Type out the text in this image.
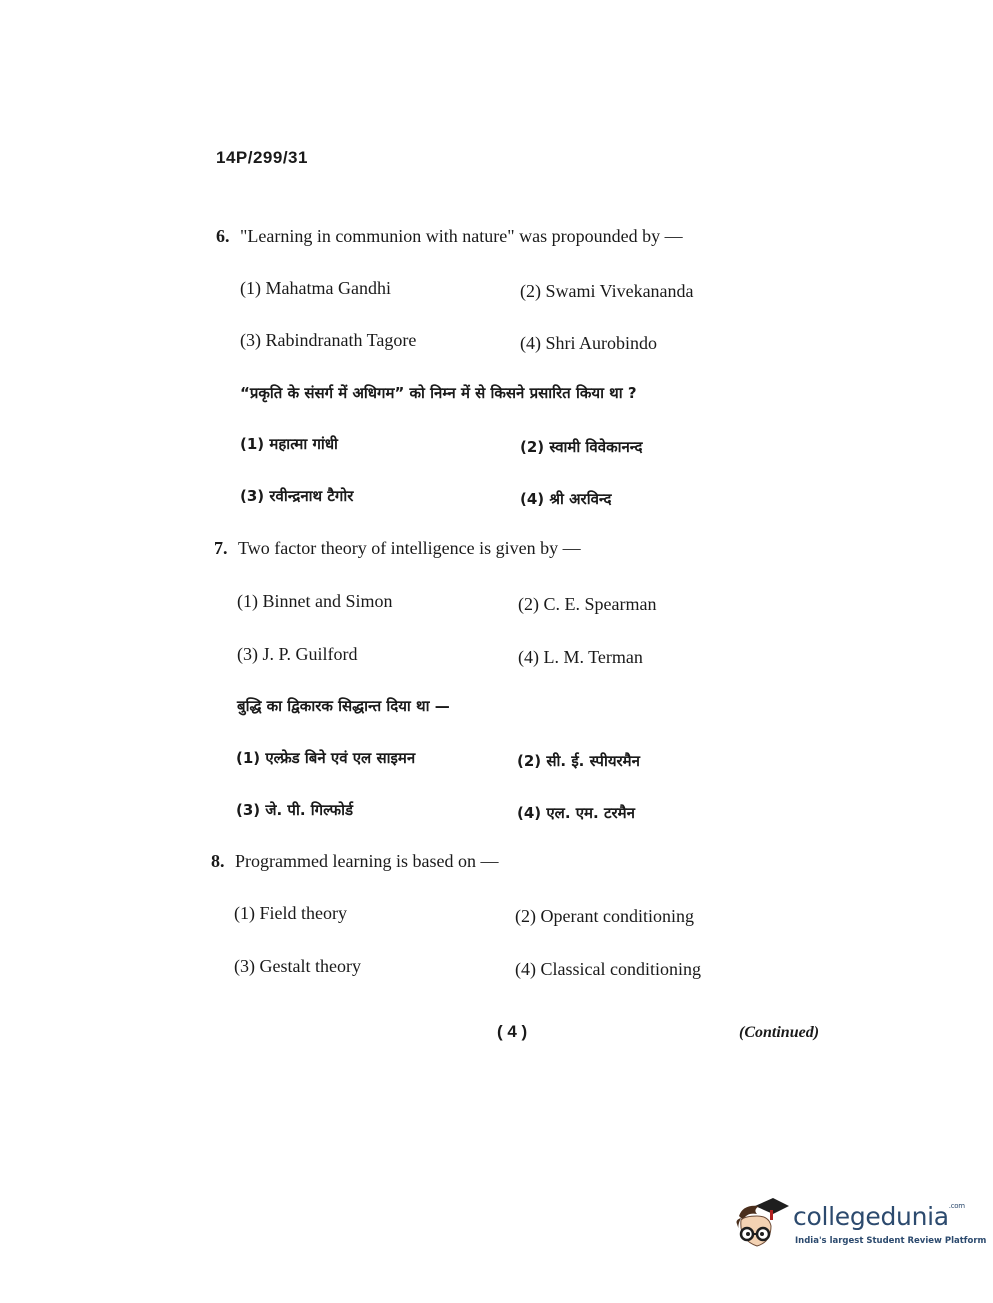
14P/299/31
6. "Learning in communion with nature" was propounded by —
(1) Mahatma Gandhi	(2) Swami Vivekananda
(3) Rabindranath Tagore	(4) Shri Aurobindo
“प्रकृति के संसर्ग में अधिगम” को निम्न में से किसने प्रसारित किया था ?
(1) महात्मा गांधी	(2) स्वामी विवेकानन्द
(3) रवीन्द्रनाथ टैगोर	(4) श्री अरविन्द
7. Two factor theory of intelligence is given by —
(1) Binnet and Simon	(2) C. E. Spearman
(3) J. P. Guilford	(4) L. M. Terman
बुद्धि का द्विकारक सिद्धान्त दिया था —
(1) एल्फ्रेड बिने एवं एल साइमन	(2) सी. ई. स्पीयरमैन
(3) जे. पी. गिल्फोर्ड	(4) एल. एम. टरमैन
8. Programmed learning is based on —
(1) Field theory	(2) Operant conditioning
(3) Gestalt theory	(4) Classical conditioning
( 4 )	(Continued)
collegedunia$^{.com}$
India's largest Student Review Platform
